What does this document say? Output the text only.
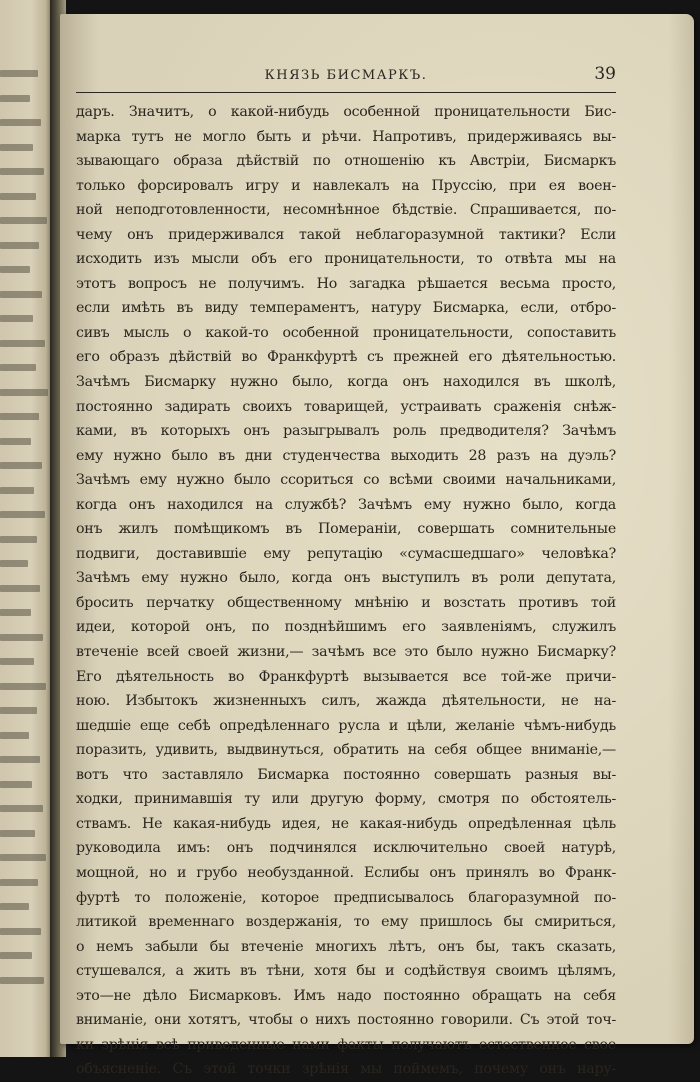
КНЯЗЬ БИСМАРКЪ.	39
даръ. Значитъ, о какой-нибудь особенной проницательности Бис-
марка тутъ не могло быть и рѣчи. Напротивъ, придерживаясь вы-
зывающаго образа дѣйствій по отношенію къ Австріи, Бисмаркъ
только форсировалъ игру и навлекалъ на Пруссію, при ея воен-
ной неподготовленности, несомнѣнное бѣдствіе. Спрашивается, по-
чему онъ придерживался такой неблагоразумной тактики? Если
исходить изъ мысли объ его проницательности, то отвѣта мы на
этотъ вопросъ не получимъ. Но загадка рѣшается весьма просто,
если имѣть въ виду темпераментъ, натуру Бисмарка, если, отбро-
сивъ мысль о какой-то особенной проницательности, сопоставить
его образъ дѣйствій во Франкфуртѣ съ прежней его дѣятельностью.
Зачѣмъ Бисмарку нужно было, когда онъ находился въ школѣ,
постоянно задирать своихъ товарищей, устраивать сраженія снѣж-
ками, въ которыхъ онъ разыгрывалъ роль предводителя? Зачѣмъ
ему нужно было въ дни студенчества выходить 28 разъ на дуэль?
Зачѣмъ ему нужно было ссориться со всѣми своими начальниками,
когда онъ находился на службѣ? Зачѣмъ ему нужно было, когда
онъ жилъ помѣщикомъ въ Помераніи, совершать сомнительные
подвиги, доставившіе ему репутацію «сумасшедшаго» человѣка?
Зачѣмъ ему нужно было, когда онъ выступилъ въ роли депутата,
бросить перчатку общественному мнѣнію и возстать противъ той
идеи, которой онъ, по позднѣйшимъ его заявленіямъ, служилъ
втеченіе всей своей жизни,— зачѣмъ все это было нужно Бисмарку?
Его дѣятельность во Франкфуртѣ вызывается все той-же причи-
ною. Избытокъ жизненныхъ силъ, жажда дѣятельности, не на-
шедшіе еще себѣ опредѣленнаго русла и цѣли, желаніе чѣмъ-нибудь
поразить, удивить, выдвинуться, обратить на себя общее вниманіе,—
вотъ что заставляло Бисмарка постоянно совершать разныя вы-
ходки, принимавшія ту или другую форму, смотря по обстоятель-
ствамъ. Не какая-нибудь идея, не какая-нибудь опредѣленная цѣль
руководила имъ: онъ подчинялся исключительно своей натурѣ,
мощной, но и грубо необузданной. Еслибы онъ принялъ во Франк-
фуртѣ то положеніе, которое предписывалось благоразумной по-
литикой временнаго воздержанія, то ему пришлось бы смириться,
о немъ забыли бы втеченіе многихъ лѣтъ, онъ бы, такъ сказать,
стушевался, а жить въ тѣни, хотя бы и содѣйствуя своимъ цѣлямъ,
это—не дѣло Бисмарковъ. Имъ надо постоянно обращать на себя
вниманіе, они хотятъ, чтобы о нихъ постоянно говорили. Съ этой точ-
ки зрѣнія всѣ приведенные нами факты получаютъ естественное свое
объясненіе. Съ этой точки зрѣнія мы поймемъ, почему онъ нару-
